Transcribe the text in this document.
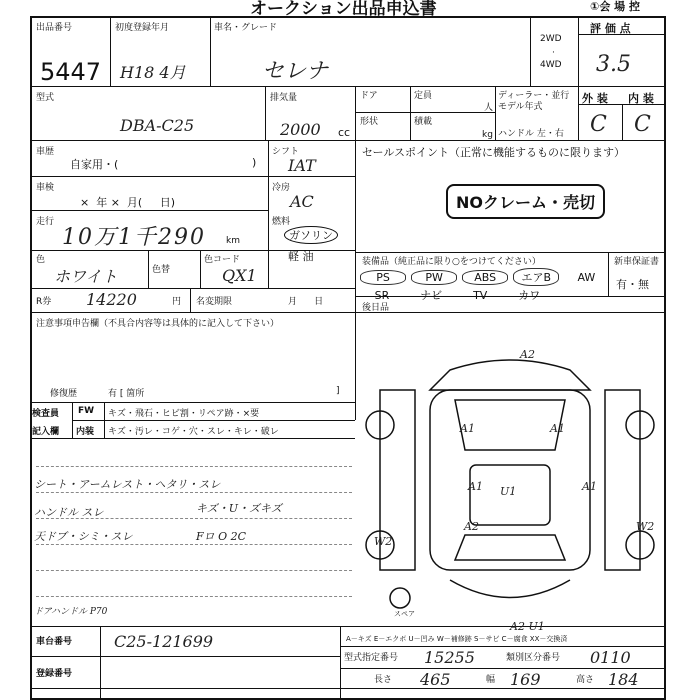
オークション出品申込書	①会 場 控
出品番号
5447
初度登録年月
H18 4月
車名・グレード
セレナ
2WD
·
4WD
評 価 点
3.5
型式
DBA-C25
排気量
2000 cc
ドア	定員
人
形状	積載
kg
ディーラー・並行
モデル年式
ハンドル 左・右
外 装 内 装
C C
車歴
自家用・(	)
シフト
IAT
車検
×  年 ×  月(     日)
冷房
AC
走行
10万1千290 km
燃料
ガソリン
軽 油
色
ホワイト	色替
色コード
QX1
R券 14220	円 名変期限	月      日
セールスポイント（正常に機能するものに限ります）
NOクレーム・売切
装備品（純正品に限り○をつけてください）	新車保証書
有・無
PS	PW	ABS エアB AW
SR	ナビ	TV	カワ
後日品
注意事項申告欄（不具合内容等は具体的に記入して下さい）
修復歴	有 [ 箇所	]
検査員
記入欄
FW
内装
キズ・飛石・ヒビ割・リペア跡・×要
キズ・汚レ・コゲ・穴・スレ・キレ・破レ
シート・アームレスト・ヘタリ・スレ
ハンドル スレ
天ドブ・シミ・スレ
ドアハンドル P70
キズ・U・ズキズ
Fロ O 2C
車台番号	C25-121699
登録番号
A－キズ E－エクボ U－凹み W－補修跡 S－サビ C－腐食 XX－交換済
型式指定番号 15255	類別区分番号 0110
長さ 465	幅 169	高さ 184
A2
A1	A1
U1
A1	A1
A2
W2
W2
A2 U1
スペア
